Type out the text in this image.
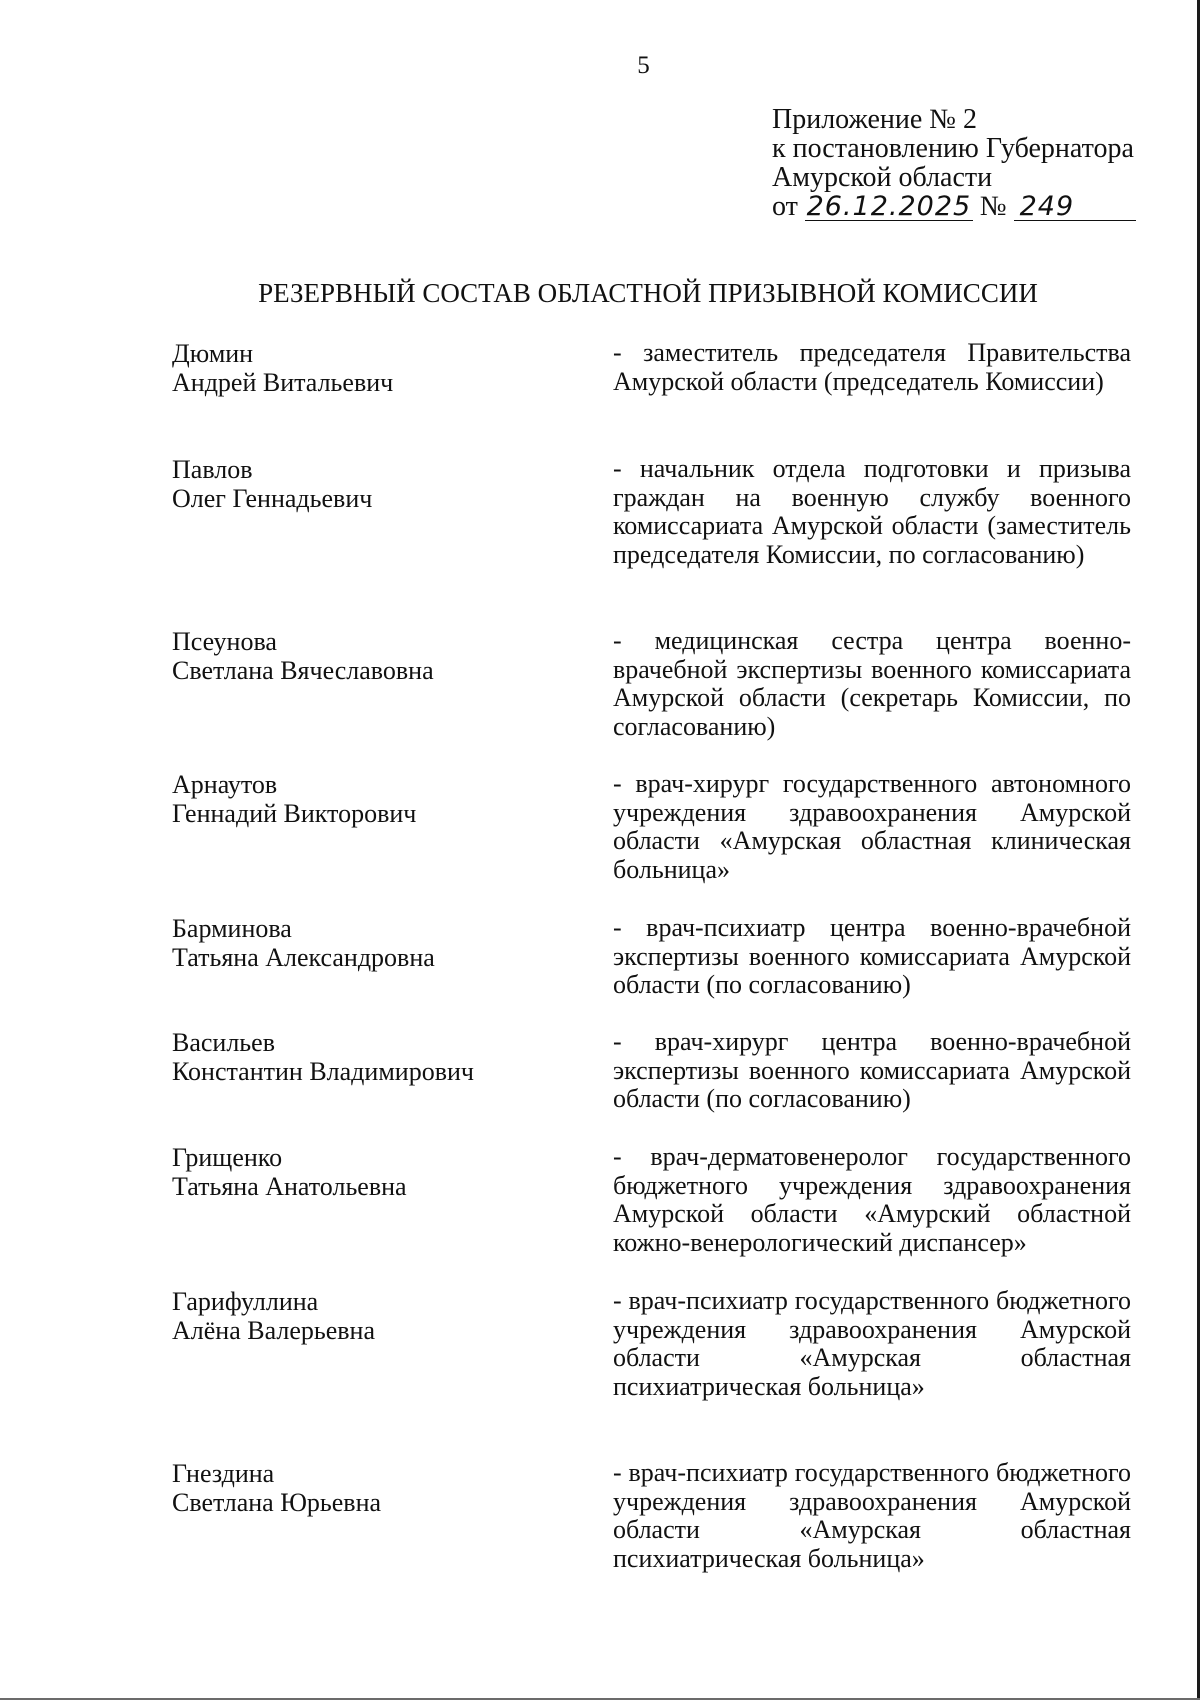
5
Приложение № 2
к постановлению Губернатора
Амурской области
от 26.12.2025 № 249
РЕЗЕРВНЫЙ СОСТАВ ОБЛАСТНОЙ ПРИЗЫВНОЙ КОМИССИИ
Дюмин
Андрей Витальевич
- заместитель председателя Правительства Амурской области (председатель Комиссии)
Павлов
Олег Геннадьевич
- начальник отдела подготовки и призыва граждан на военную службу военного комиссариата Амурской области (заместитель председателя Комиссии, по согласованию)
Псеунова
Светлана Вячеславовна
- медицинская сестра центра военно-врачебной экспертизы военного комиссариата Амурской области (секретарь Комиссии, по согласованию)
Арнаутов
Геннадий Викторович
- врач-хирург государственного автономного учреждения здравоохранения Амурской области «Амурская областная клиническая больница»
Барминова
Татьяна Александровна
- врач-психиатр центра военно-врачебной экспертизы военного комиссариата Амурской области (по согласованию)
Васильев
Константин Владимирович
- врач-хирург центра военно-врачебной экспертизы военного комиссариата Амурской области (по согласованию)
Грищенко
Татьяна Анатольевна
- врач-дерматовенеролог государственного бюджетного учреждения здравоохранения Амурской области «Амурский областной кожно-венерологический диспансер»
Гарифуллина
Алёна Валерьевна
- врач-психиатр государственного бюджетного учреждения здравоохранения Амурской области «Амурская областная психиатрическая больница»
Гнездина
Светлана Юрьевна
- врач-психиатр государственного бюджетного учреждения здравоохранения Амурской области «Амурская областная психиатрическая больница»
